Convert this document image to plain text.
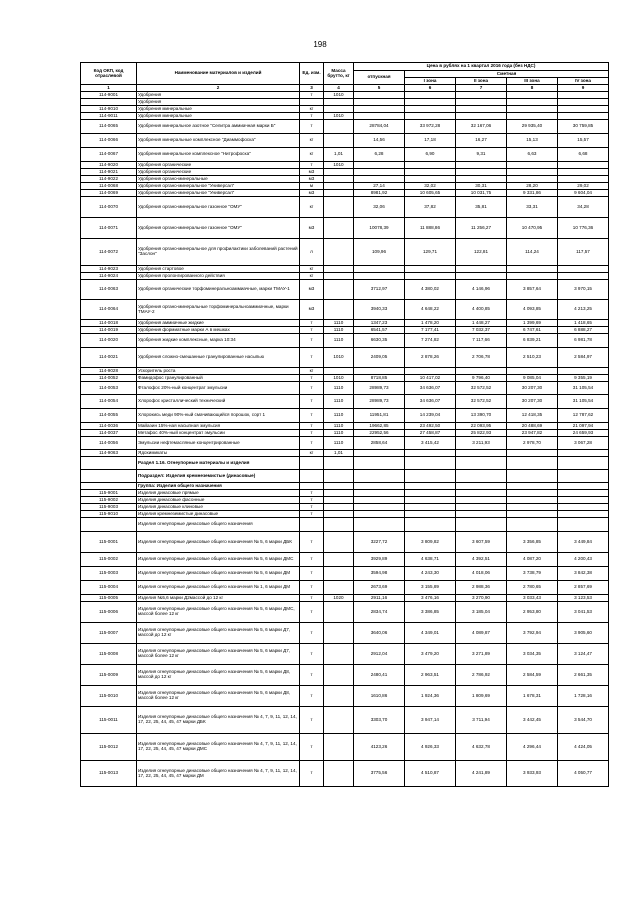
198
Код ОКП, код отраслевой	Наименование материалов и изделий	Ед. изм.	Масса брутто, кг	Цена в рублях на 1 квартал 2016 года (без НДС)				
				отпускная	Сметная			
					I зона	II зона	III зона	IV зона
1	2	3	4	5	6	7	8	9
114-9001	Удобрения	т	1010					
	Удобрения							
114-9010	Удобрения минеральные	кг						
114-9011	Удобрения минеральные	т	1010					
114-0065	Удобрения минеральное азотное "Селитра аммиачная марки Б"	т		28784,04	33 972,28	32 167,06	29 935,40	30 759,85
114-0066	Удобрения минеральные комплексное "Диаммофоска"	кг		14,56	17,18	16,27	15,13	15,57
114-0067	Удобрения минеральное комплексное "Нитрофоска"	кг	1,01	6,28	6,90	9,31	6,63	6,68
114-9020	Удобрения органические	т	1010					
114-9021	Удобрения органические	м3						
114-9022	Удобрения органо-минеральные	м3						
114-0068	Удобрения органо-минеральное "Универсал"	м		27,14	32,02	30,31	28,20	29,02
114-0069	Удобрения органо-минеральное "Универсал"	м3		8981,92	10 605,65	10 031,75	9 331,86	9 604,04
114-0070	Удобрения органо-минеральное газонное "ОМУ"	кг		32,06	37,82	35,81	33,31	34,28
114-0071	Удобрения органо-минеральное газонное "ОМУ"	м3		10078,39	11 888,86	11 256,27	10 470,95	10 776,36
114-0072	Удобрения органо-минеральное для профилактики заболеваний растений "Заслон"	л		109,96	129,71	122,81	114,24	117,57
114-9023	Удобрения стартовое	кг						
114-9024	Удобрения пролонгированного действия	кг						
114-0063	Удобрения органические торфоминеральноаммиачные, марки ТМАУ-1	м3		3712,97	4 380,02	4 146,96	3 857,64	3 970,15
114-0064	Удобрения органо-минеральные торфоминеральноаммиачные, марки ТМАУ-2	м3		3940,33	4 648,22	4 400,85	4 093,85	4 213,25
114-0018	Удобрения аммиачные жидкие	т	1110	1347,23	1 478,20	1 448,27	1 399,69	1 418,65
114-0019	Удобрения формиатные марки А в мешках	т	1110	6541,57	7 177,41	7 032,37	6 747,61	6 888,27
114-0020	Удобрения жидкие комплексные, марка 10:34	т	1110	6630,35	7 274,82	7 117,66	6 839,21	6 981,78
114-0021	Удобрения сложно-смешанные гранулированные насыпью	т	1010	2409,05	2 878,26	2 706,78	2 510,23	2 584,97
114-9028	Ускоритель роста	кг						
114-0052	Фамидофос гранулированный	т	1010	8718,85	10 417,02	9 796,40	9 085,04	9 355,19
114-0053	Фталофос 20%-ный концентрат эмульсии	т	1110	28989,73	34 636,07	32 572,52	30 207,30	31 105,54
114-0054	Хлорофос кристаллический технический	т	1110	28989,73	34 636,07	32 572,52	30 207,30	31 105,54
114-0055	Хлорокись меди 90%-ный смачивающийся порошок, сорт 1	т	1110	11951,81	14 239,04	13 390,70	12 418,35	12 787,62
114-0036	Майаэин 15%-ная насыпная эмульсия	т	1110	19662,85	23 492,50	22 093,95	20 488,69	21 097,94
114-0037	Метафос 40%-ный концентрат эмульсии	т	1110	22952,56	27 458,87	25 822,93	23 947,82	24 659,93
114-0056	Эмульсии нефтемасляные концентрированные	т	1110	2858,64	3 415,42	3 211,93	2 978,70	3 067,28
114-9063	Ядохимикаты	кг	1,01					
	Раздел 1.16. Огнеупорные материалы и изделия							
	Подраздел: Изделия кремнеземистые (динасовые)							
	Группа: Изделия общего назначения							
115-9001	Изделия динасовые прямые	т						
115-9002	Изделия динасовые фасонные	т						
115-9003	Изделия динасовые клиновые	т						
115-9010	Изделия кремнеземистые динасовые	т						
	Изделия огнеупорные динасовые общего назначения							
115-0001	Изделия огнеупорные динасовые общего назначения № 5, 6 марки ДБК	т		3227,72	3 809,82	3 607,59	3 356,85	3 449,84
115-0002	Изделия огнеупорные динасовые общего назначения № 5, 6 марки ДМС	т		3929,89	4 638,71	4 392,51	4 087,20	4 200,43
115-0003	Изделия огнеупорные динасовые общего назначения № 5, 6 марки ДМ	т		3594,98	4 243,30	4 018,06	3 738,79	3 842,38
115-0004	Изделия огнеупорные динасовые общего назначения № 1, 6 марки ДМ	т		2673,69	3 155,89	2 988,36	2 780,65	2 857,69
115-0005	Изделия №5,6 марки Д2массой до 12 кг	т	1020	2911,16	3 476,16	3 270,90	3 033,43	3 123,53
115-0006	Изделия огнеупорные динасовые общего назначения № 5, 6 марки ДМС, массой более 12 кг	т		2834,74	3 386,85	3 185,04	2 953,80	3 041,53
115-0007	Изделия огнеупорные динасовые общего назначения № 5, 6 марки Д7, массой до 12 кг	т		3640,06	4 349,01	4 089,87	3 792,94	3 905,60
115-0008	Изделия огнеупорные динасовые общего назначения № 5, 6 марки Д7, массой более 12 кг	т		2912,04	3 479,20	3 271,89	3 034,35	3 124,47
115-0009	Изделия огнеупорные динасовые общего назначения № 5, 6 марки Д8, массой до 12 кг	т		2480,41	2 963,51	2 786,92	2 584,59	2 661,35
115-0010	Изделия огнеупорные динасовые общего назначения № 5, 6 марки Д8, массой более 12 кг	т		1610,86	1 924,36	1 809,69	1 678,31	1 728,16
115-0011	Изделия огнеупорные динасовые общего назначения № 4, 7, 9, 11, 12, 14, 17, 22, 25, 44, 45, 47 марки ДБК	т		3303,70	3 947,14	3 711,94	3 442,45	3 544,70
115-0012	Изделия огнеупорные динасовые общего назначения № 4, 7, 9, 11, 12, 14, 17, 22, 25, 44, 45, 47 марки ДМС	т		4123,26	4 926,33	4 632,78	4 296,44	4 424,05
115-0013	Изделия огнеупорные динасовые общего назначения № 4, 7, 9, 11, 12, 14, 17, 22, 25, 44, 45, 47 марки ДМ	т		3775,56	4 510,87	4 241,89	3 933,93	4 050,77
